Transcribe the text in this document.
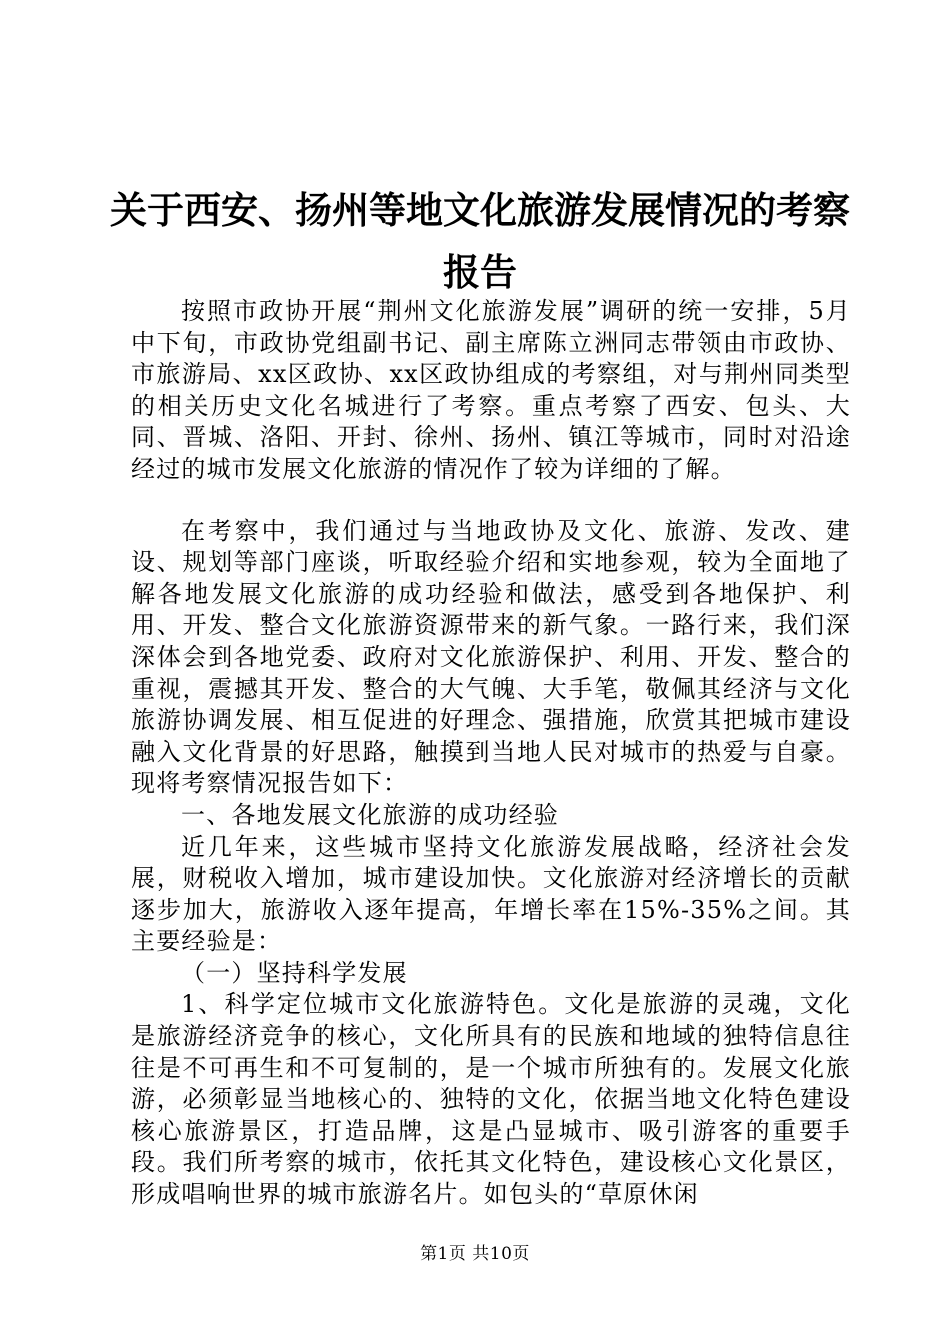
关于西安、扬州等地文化旅游发展情况的考察
报告

按照市政协开展“荆州文化旅游发展”调研的统一安排，5月中下旬，市政协党组副书记、副主席陈立洲同志带领由市政协、市旅游局、xx区政协、xx区政协组成的考察组，对与荆州同类型的相关历史文化名城进行了考察。重点考察了西安、包头、大同、晋城、洛阳、开封、徐州、扬州、镇江等城市，同时对沿途经过的城市发展文化旅游的情况作了较为详细的了解。

在考察中，我们通过与当地政协及文化、旅游、发改、建设、规划等部门座谈，听取经验介绍和实地参观，较为全面地了解各地发展文化旅游的成功经验和做法，感受到各地保护、利用、开发、整合文化旅游资源带来的新气象。一路行来，我们深深体会到各地党委、政府对文化旅游保护、利用、开发、整合的重视，震撼其开发、整合的大气魄、大手笔，敬佩其经济与文化旅游协调发展、相互促进的好理念、强措施，欣赏其把城市建设融入文化背景的好思路，触摸到当地人民对城市的热爱与自豪。现将考察情况报告如下：

一、各地发展文化旅游的成功经验

近几年来，这些城市坚持文化旅游发展战略，经济社会发展，财税收入增加，城市建设加快。文化旅游对经济增长的贡献逐步加大，旅游收入逐年提高，年增长率在15%-35%之间。其主要经验是：

（一）坚持科学发展

1、科学定位城市文化旅游特色。文化是旅游的灵魂，文化是旅游经济竞争的核心，文化所具有的民族和地域的独特信息往往是不可再生和不可复制的，是一个城市所独有的。发展文化旅游，必须彰显当地核心的、独特的文化，依据当地文化特色建设核心旅游景区，打造品牌，这是凸显城市、吸引游客的重要手段。我们所考察的城市，依托其文化特色，建设核心文化景区，形成唱响世界的城市旅游名片。如包头的“草原休闲

第1页 共10页
